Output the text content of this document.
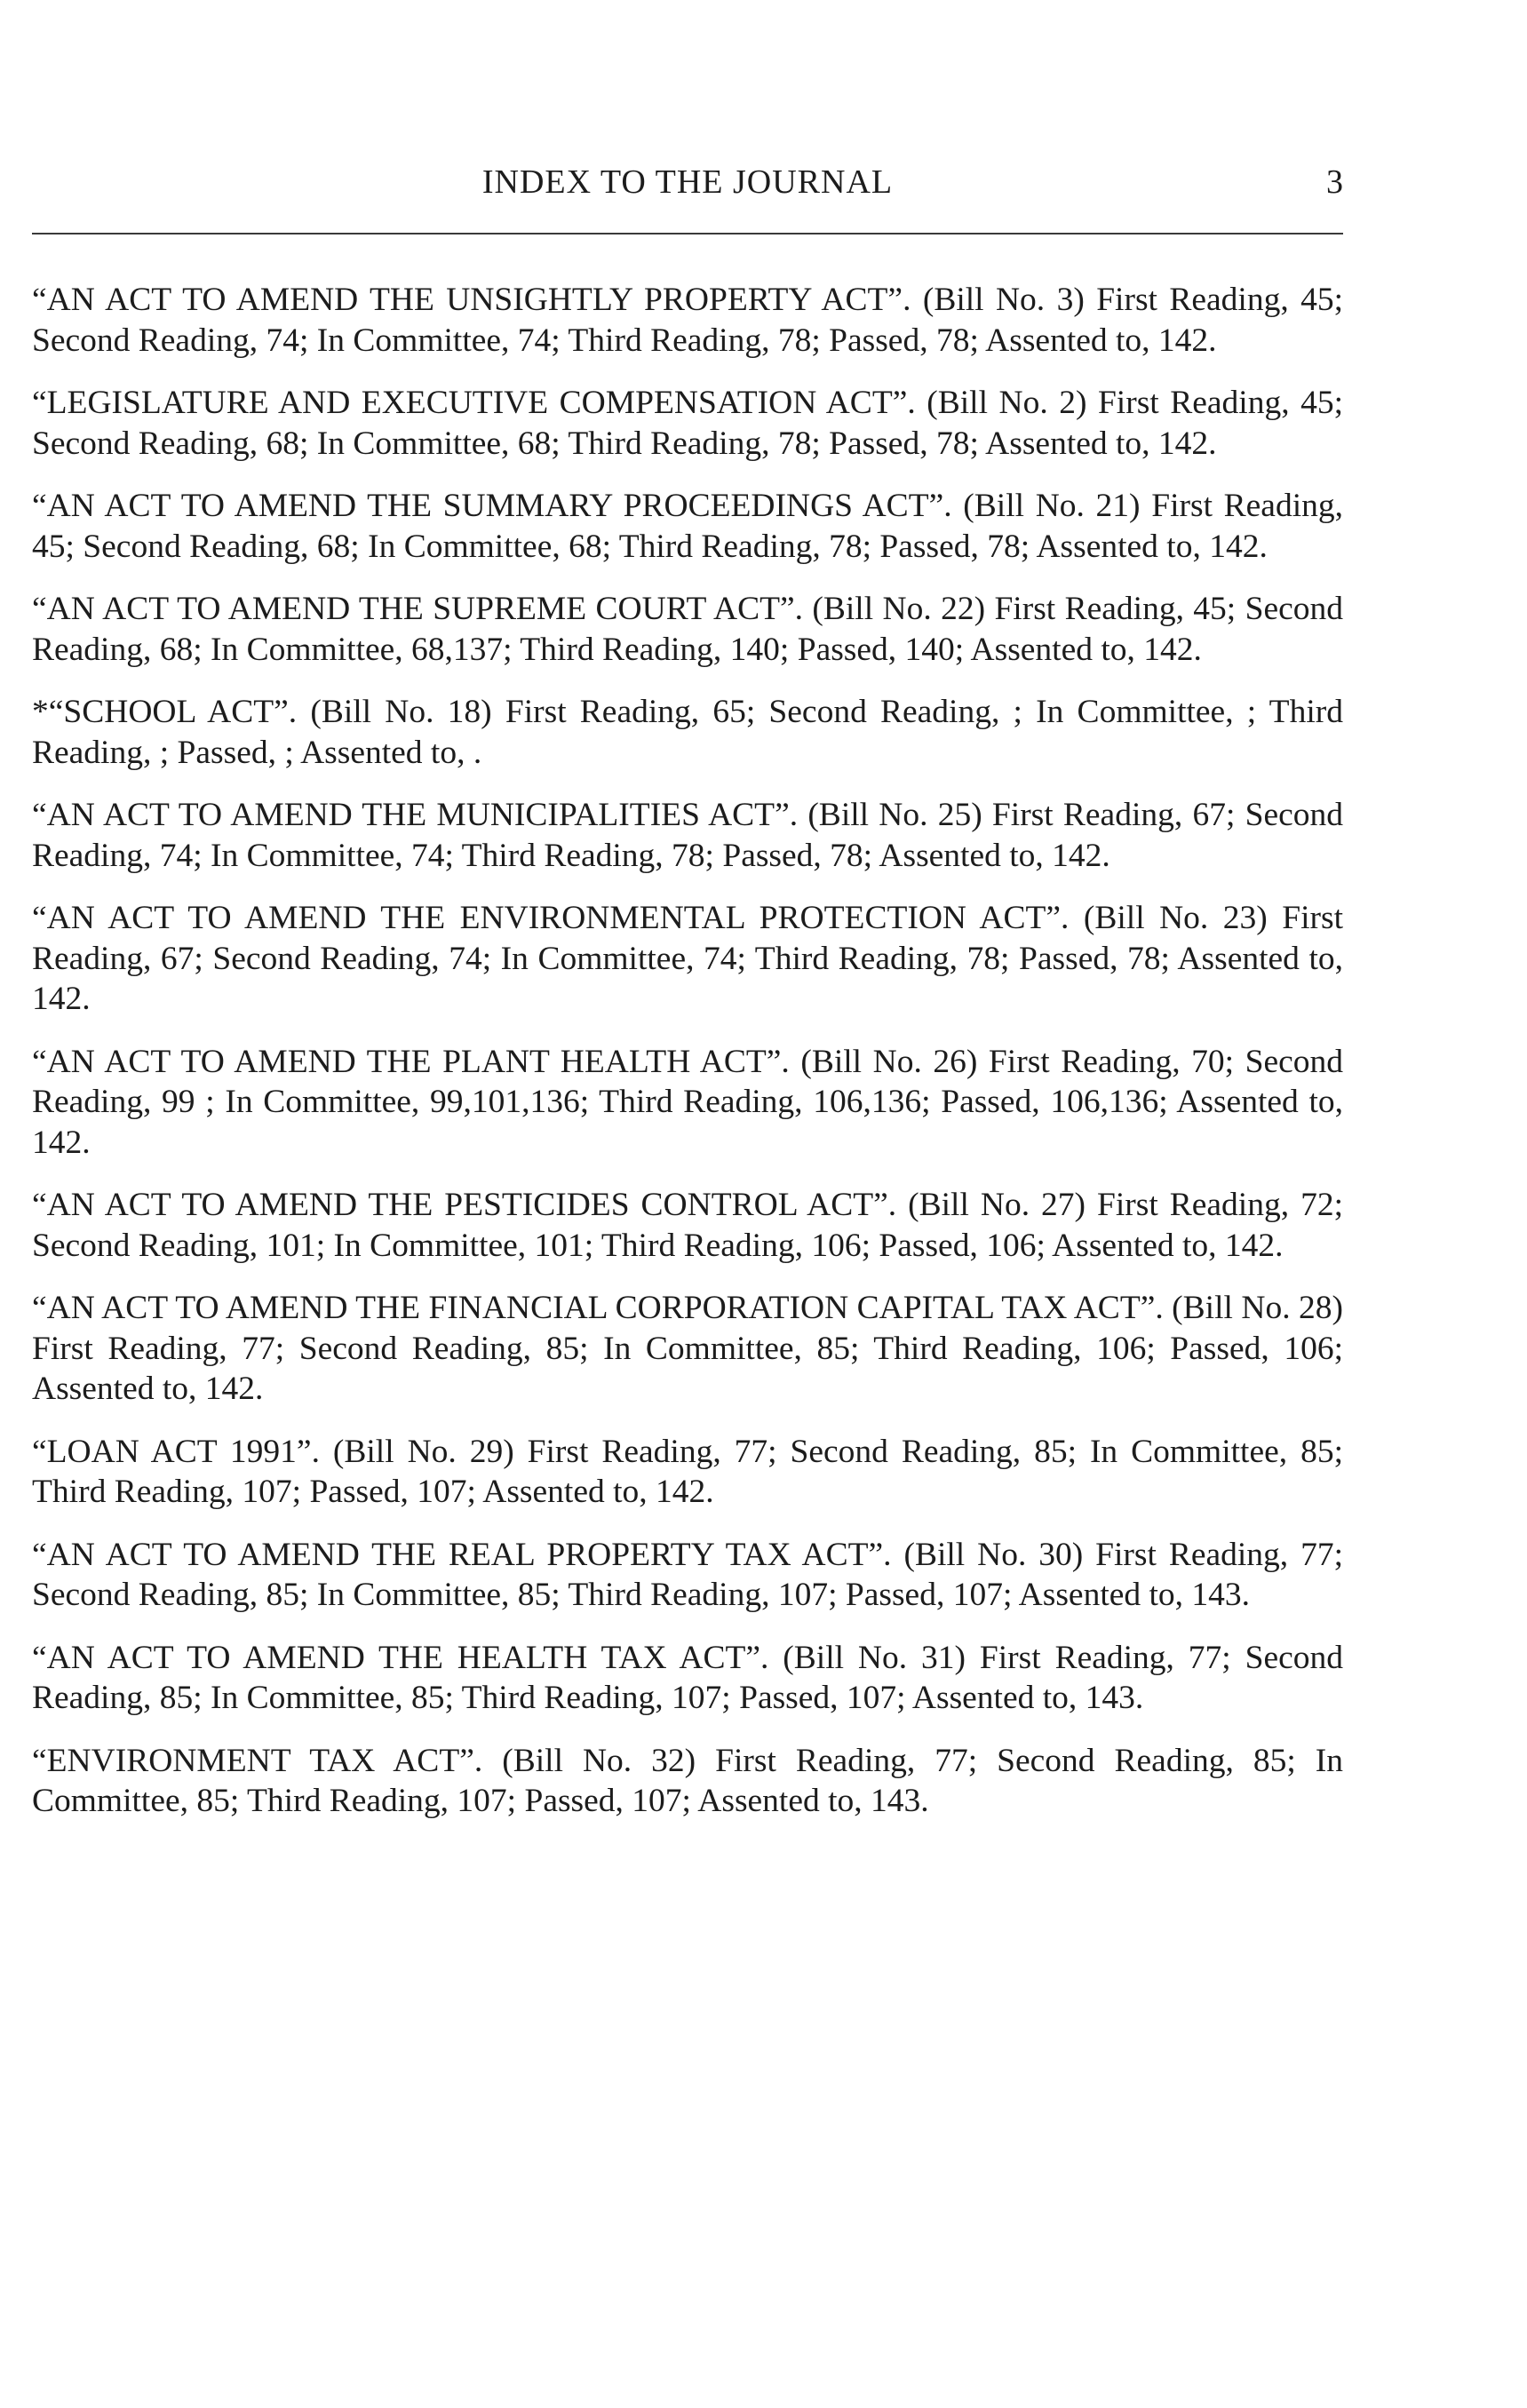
INDEX TO THE JOURNAL	3
“AN ACT TO AMEND THE UNSIGHTLY PROPERTY ACT”. (Bill No. 3) First Reading, 45; Second Reading, 74; In Committee, 74; Third Reading, 78; Passed, 78; Assented to, 142.
“LEGISLATURE AND EXECUTIVE COMPENSATION ACT”. (Bill No. 2) First Reading, 45; Second Reading, 68; In Committee, 68; Third Reading, 78; Passed, 78; Assented to, 142.
“AN ACT TO AMEND THE SUMMARY PROCEEDINGS ACT”. (Bill No. 21) First Reading, 45; Second Reading, 68; In Committee, 68; Third Reading, 78; Passed, 78; Assented to, 142.
“AN ACT TO AMEND THE SUPREME COURT ACT”. (Bill No. 22) First Reading, 45; Second Reading, 68; In Committee, 68,137; Third Reading, 140; Passed, 140; Assented to, 142.
*“SCHOOL ACT”. (Bill No. 18) First Reading, 65; Second Reading, ; In Committee, ; Third Reading, ; Passed, ; Assented to, .
“AN ACT TO AMEND THE MUNICIPALITIES ACT”. (Bill No. 25) First Reading, 67; Second Reading, 74; In Committee, 74; Third Reading, 78; Passed, 78; Assented to, 142.
“AN ACT TO AMEND THE ENVIRONMENTAL PROTECTION ACT”. (Bill No. 23) First Reading, 67; Second Reading, 74; In Committee, 74; Third Reading, 78; Passed, 78; Assented to, 142.
“AN ACT TO AMEND THE PLANT HEALTH ACT”. (Bill No. 26) First Reading, 70; Second Reading, 99 ; In Committee, 99,101,136; Third Reading, 106,136; Passed, 106,136; Assented to, 142.
“AN ACT TO AMEND THE PESTICIDES CONTROL ACT”. (Bill No. 27) First Reading, 72; Second Reading, 101; In Committee, 101; Third Reading, 106; Passed, 106; Assented to, 142.
“AN ACT TO AMEND THE FINANCIAL CORPORATION CAPITAL TAX ACT”. (Bill No. 28) First Reading, 77; Second Reading, 85; In Committee, 85; Third Reading, 106; Passed, 106; Assented to, 142.
“LOAN ACT 1991”. (Bill No. 29) First Reading, 77; Second Reading, 85; In Committee, 85; Third Reading, 107; Passed, 107; Assented to, 142.
“AN ACT TO AMEND THE REAL PROPERTY TAX ACT”. (Bill No. 30) First Reading, 77; Second Reading, 85; In Committee, 85; Third Reading, 107; Passed, 107; Assented to, 143.
“AN ACT TO AMEND THE HEALTH TAX ACT”. (Bill No. 31) First Reading, 77; Second Reading, 85; In Committee, 85; Third Reading, 107; Passed, 107; Assented to, 143.
“ENVIRONMENT TAX ACT”. (Bill No. 32) First Reading, 77; Second Reading, 85; In Committee, 85; Third Reading, 107; Passed, 107; Assented to, 143.
